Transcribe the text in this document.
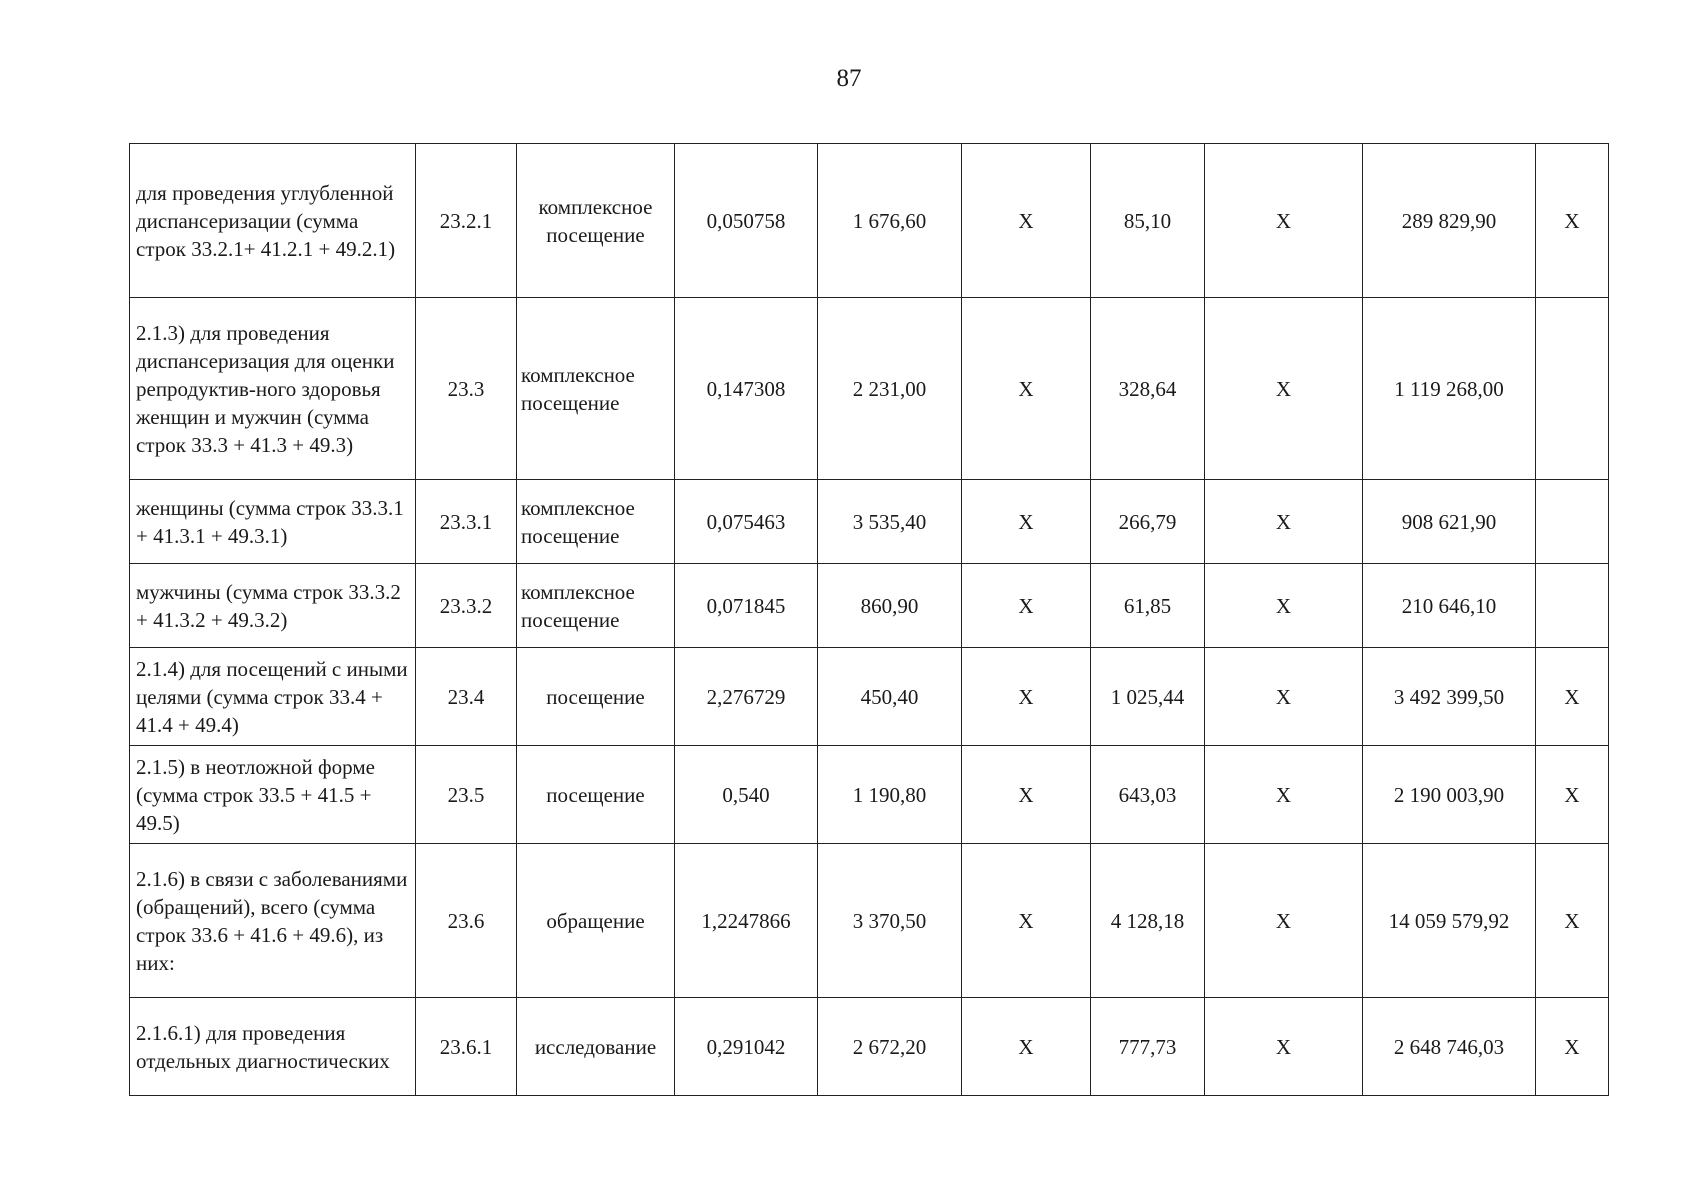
87
для проведения углубленной диспансеризации (сумма строк 33.2.1+ 41.2.1 + 49.2.1)	23.2.1	комплексное посещение	0,050758	1 676,60	X	85,10	X	289 829,90	X
2.1.3) для проведения диспансеризация для оценки репродуктив-ного здоровья женщин и мужчин (сумма строк 33.3 + 41.3 + 49.3)	23.3	комплексное посещение	0,147308	2 231,00	X	328,64	X	1 119 268,00	
женщины (сумма строк 33.3.1 + 41.3.1 + 49.3.1)	23.3.1	комплексное посещение	0,075463	3 535,40	X	266,79	X	908 621,90	
мужчины (сумма строк 33.3.2 + 41.3.2 + 49.3.2)	23.3.2	комплексное посещение	0,071845	860,90	X	61,85	X	210 646,10	
2.1.4) для посещений с иными целями (сумма строк 33.4 + 41.4 + 49.4)	23.4	посещение	2,276729	450,40	X	1 025,44	X	3 492 399,50	X
2.1.5) в неотложной форме (сумма строк 33.5 + 41.5 + 49.5)	23.5	посещение	0,540	1 190,80	X	643,03	X	2 190 003,90	X
2.1.6) в связи с заболеваниями (обращений), всего (сумма строк 33.6 + 41.6 + 49.6), из них:	23.6	обращение	1,2247866	3 370,50	X	4 128,18	X	14 059 579,92	X
2.1.6.1) для проведения отдельных диагностических	23.6.1	исследование	0,291042	2 672,20	X	777,73	X	2 648 746,03	X
